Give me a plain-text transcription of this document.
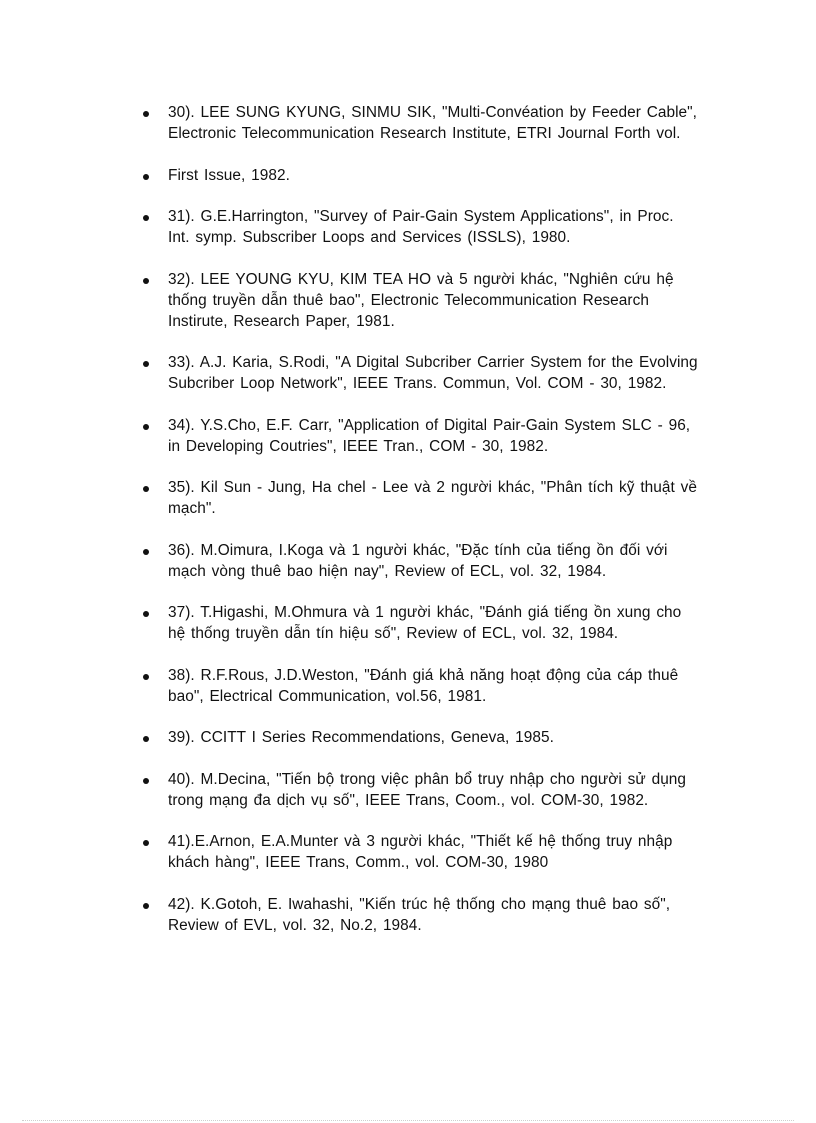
30). LEE SUNG KYUNG, SINMU SIK, "Multi-Convéation by Feeder Cable", Electronic Telecommunication Research Institute, ETRI Journal Forth vol.
First Issue, 1982.
31). G.E.Harrington, "Survey of Pair-Gain System Applications", in Proc. Int. symp. Subscriber Loops and Services (ISSLS), 1980.
32). LEE YOUNG KYU, KIM TEA HO và 5 người khác, "Nghiên cứu hệ thống truyền dẫn thuê bao", Electronic Telecommunication Research Instirute, Research Paper, 1981.
33). A.J. Karia, S.Rodi, "A Digital Subcriber Carrier System for the Evolving Subcriber Loop Network", IEEE Trans. Commun, Vol. COM - 30, 1982.
34). Y.S.Cho, E.F. Carr, "Application of Digital Pair-Gain System SLC - 96, in Developing Coutries", IEEE Tran., COM - 30, 1982.
35). Kil Sun - Jung, Ha chel - Lee và 2 người khác, "Phân tích kỹ thuật về mạch".
36). M.Oimura, I.Koga và 1 người khác, "Đặc tính của tiếng ồn đối với mạch vòng thuê bao hiện nay", Review of ECL, vol. 32, 1984.
37). T.Higashi, M.Ohmura và 1 người khác, "Đánh giá tiếng ồn xung cho hệ thống truyền dẫn tín hiệu số", Review of ECL, vol. 32, 1984.
38). R.F.Rous, J.D.Weston, "Đánh giá khả năng hoạt động của cáp thuê bao", Electrical Communication, vol.56, 1981.
39). CCITT I Series Recommendations, Geneva, 1985.
40). M.Decina, "Tiến bộ trong việc phân bổ truy nhập cho người sử dụng trong mạng đa dịch vụ số", IEEE Trans, Coom., vol. COM-30, 1982.
41).E.Arnon, E.A.Munter và 3 người khác, "Thiết kế hệ thống truy nhập khách hàng", IEEE Trans, Comm., vol. COM-30, 1980
42). K.Gotoh, E. Iwahashi, "Kiến trúc hệ thống cho mạng thuê bao số", Review of EVL, vol. 32, No.2, 1984.
